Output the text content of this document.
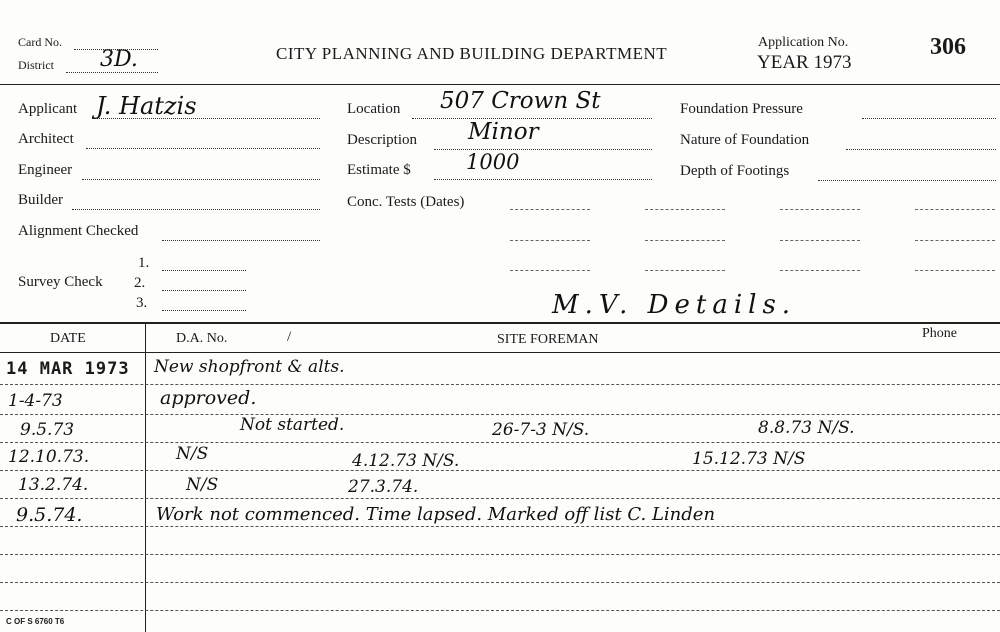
Card No.
District 3D.	CITY PLANNING AND BUILDING DEPARTMENT
Application No.
YEAR 1973
306
Applicant J. Hatzis
Architect
Engineer
Builder
Alignment Checked
Survey Check
1.
2.
3.
Location 507 Crown St
Description Minor
Estimate $	1000
Conc. Tests (Dates)
Foundation Pressure
Nature of Foundation
Depth of Footings
M.V. Details.
DATE	D.A. No.	/	SITE FOREMAN	Phone
14 MAR 1973 New shopfront & alts.
1-4-73	approved.
9.5.73	Not started.	26-7-3 N/S.	8.8.73 N/S.
12.10.73.	N/S	4.12.73 N/S.	15.12.73 N/S
13.2.74.	N/S	27.3.74.
9.5.74.	Work not commenced. Time lapsed. Marked off list C. Linden
C OF S 6760 T6
